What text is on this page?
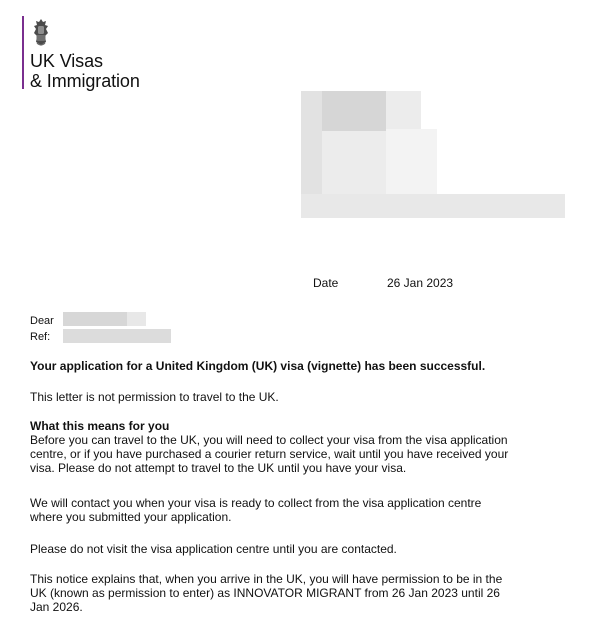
UK Visas
& Immigration
Date	26 Jan 2023
Dear
Ref:
Your application for a United Kingdom (UK) visa (vignette) has been successful.
This letter is not permission to travel to the UK.
What this means for you
Before you can travel to the UK, you will need to collect your visa from the visa application
centre, or if you have purchased a courier return service, wait until you have received your
visa. Please do not attempt to travel to the UK until you have your visa.
We will contact you when your visa is ready to collect from the visa application centre
where you submitted your application.
Please do not visit the visa application centre until you are contacted.
This notice explains that, when you arrive in the UK, you will have permission to be in the
UK (known as permission to enter) as INNOVATOR MIGRANT from 26 Jan 2023 until 26
Jan 2026.
